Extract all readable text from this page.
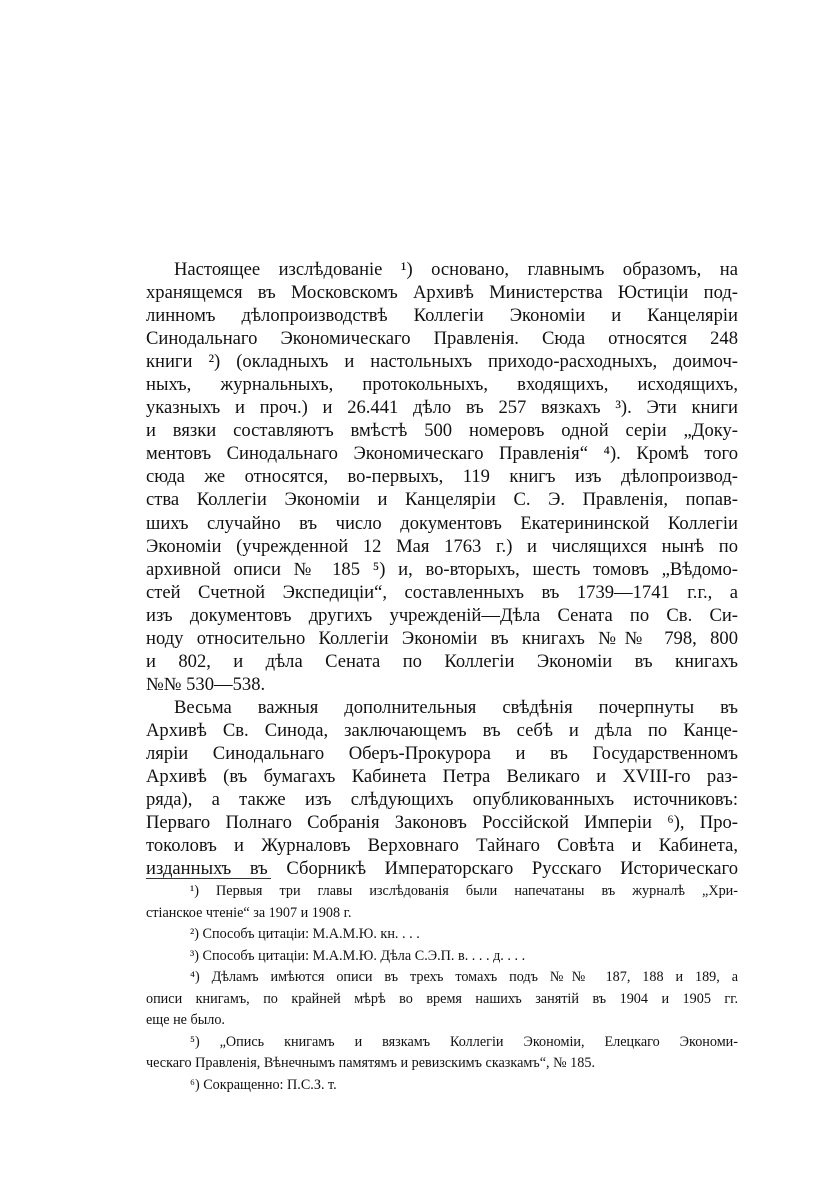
Настоящее изслѣдованіе ¹) основано, главнымъ образомъ, на
хранящемся въ Московскомъ Архивѣ Министерства Юстиціи под-
линномъ дѣлопроизводствѣ Коллегіи Экономіи и Канцеляріи
Синодальнаго Экономическаго Правленія. Сюда относятся 248
книги ²) (окладныхъ и настольныхъ приходо-расходныхъ, доимоч-
ныхъ, журнальныхъ, протокольныхъ, входящихъ, исходящихъ,
указныхъ и проч.) и 26.441 дѣло въ 257 вязкахъ ³). Эти книги
и вязки составляютъ вмѣстѣ 500 номеровъ одной серіи „Доку-
ментовъ Синодальнаго Экономическаго Правленія“ ⁴). Кромѣ того
сюда же относятся, во-первыхъ, 119 книгъ изъ дѣлопроизвод-
ства Коллегіи Экономіи и Канцеляріи С. Э. Правленія, попав-
шихъ случайно въ число документовъ Екатерининской Коллегіи
Экономіи (учрежденной 12 Мая 1763 г.) и числящихся нынѣ по
архивной описи № 185 ⁵) и, во-вторыхъ, шесть томовъ „Вѣдомо-
стей Счетной Экспедиціи“, составленныхъ въ 1739—1741 г.г., а
изъ документовъ другихъ учрежденій—Дѣла Сената по Св. Си-
ноду относительно Коллегіи Экономіи въ книгахъ №№ 798, 800
и 802, и дѣла Сената по Коллегіи Экономіи въ книгахъ
№№ 530—538.
Весьма важныя дополнительныя свѣдѣнія почерпнуты въ
Архивѣ Св. Синода, заключающемъ въ себѣ и дѣла по Канце-
ляріи Синодальнаго Оберъ-Прокурора и въ Государственномъ
Архивѣ (въ бумагахъ Кабинета Петра Великаго и XVIII-го раз-
ряда), а также изъ слѣдующихъ опубликованныхъ источниковъ:
Перваго Полнаго Собранія Законовъ Россійской Имперіи ⁶), Про-
токоловъ и Журналовъ Верховнаго Тайнаго Совѣта и Кабинета,
изданныхъ въ Сборникѣ Императорскаго Русскаго Историческаго
¹) Первыя три главы изслѣдованія были напечатаны въ журналѣ „Хри-
стіанское чтеніе“ за 1907 и 1908 г.
²) Способъ цитаціи: М.А.М.Ю. кн. . . .
³) Способъ цитаціи: М.А.М.Ю. Дѣла С.Э.П. в. . . . д. . . .
⁴) Дѣламъ имѣются описи въ трехъ томахъ подъ №№ 187, 188 и 189, а
описи книгамъ, по крайней мѣрѣ во время нашихъ занятій въ 1904 и 1905 гг.
еще не было.
⁵) „Опись книгамъ и вязкамъ Коллегіи Экономіи, Елецкаго Экономи-
ческаго Правленія, Вѣнечнымъ памятямъ и ревизскимъ сказкамъ“, № 185.
⁶) Сокращенно: П.С.З. т.
